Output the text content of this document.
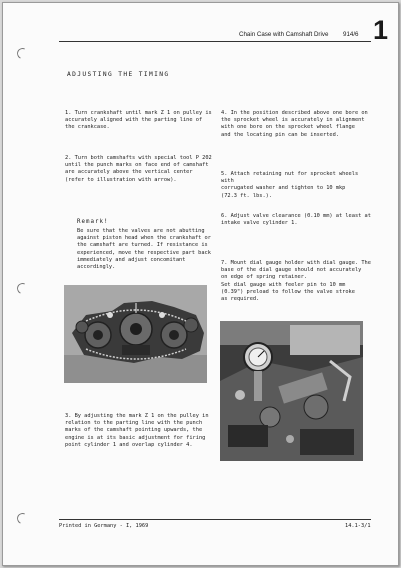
Chain Case with Camshaft Drive 914/6 1
ADJUSTING THE TIMING
1. Turn crankshaft until mark Z 1 on pulley is
accurately aligned with the parting line of
the crankcase.
2. Turn both camshafts with special tool P 202
until the punch marks on face end of camshaft
are accurately above the vertical center
(refer to illustration with arrow).
Remark!
Be sure that the valves are not abutting
against piston head when the crankshaft or
the camshaft are turned. If resistance is
experienced, move the respective part back
immediately and adjust concomitant
accordingly.
3. By adjusting the mark Z 1 on the pulley in
relation to the parting line with the punch
marks of the camshaft pointing upwards, the
engine is at its basic adjustment for firing
point cylinder 1 and overlap cylinder 4.
4. In the position described above one bore on
the sprocket wheel is accurately in alignment
with one bore on the sprocket wheel flange
and the locating pin can be inserted.
5. Attach retaining nut for sprocket wheels with
corrugated washer and tighten to 10 mkp
(72.3 ft. lbs.).
6. Adjust valve clearance (0.10 mm) at least at
intake valve cylinder 1.
7. Mount dial gauge holder with dial gauge. The
base of the dial gauge should not accurately
on edge of spring retainer.
Set dial gauge with feeler pin to 10 mm
(0.39") preload to follow the valve stroke
as required.
Printed in Germany - I, 1969	14.1-3/1
